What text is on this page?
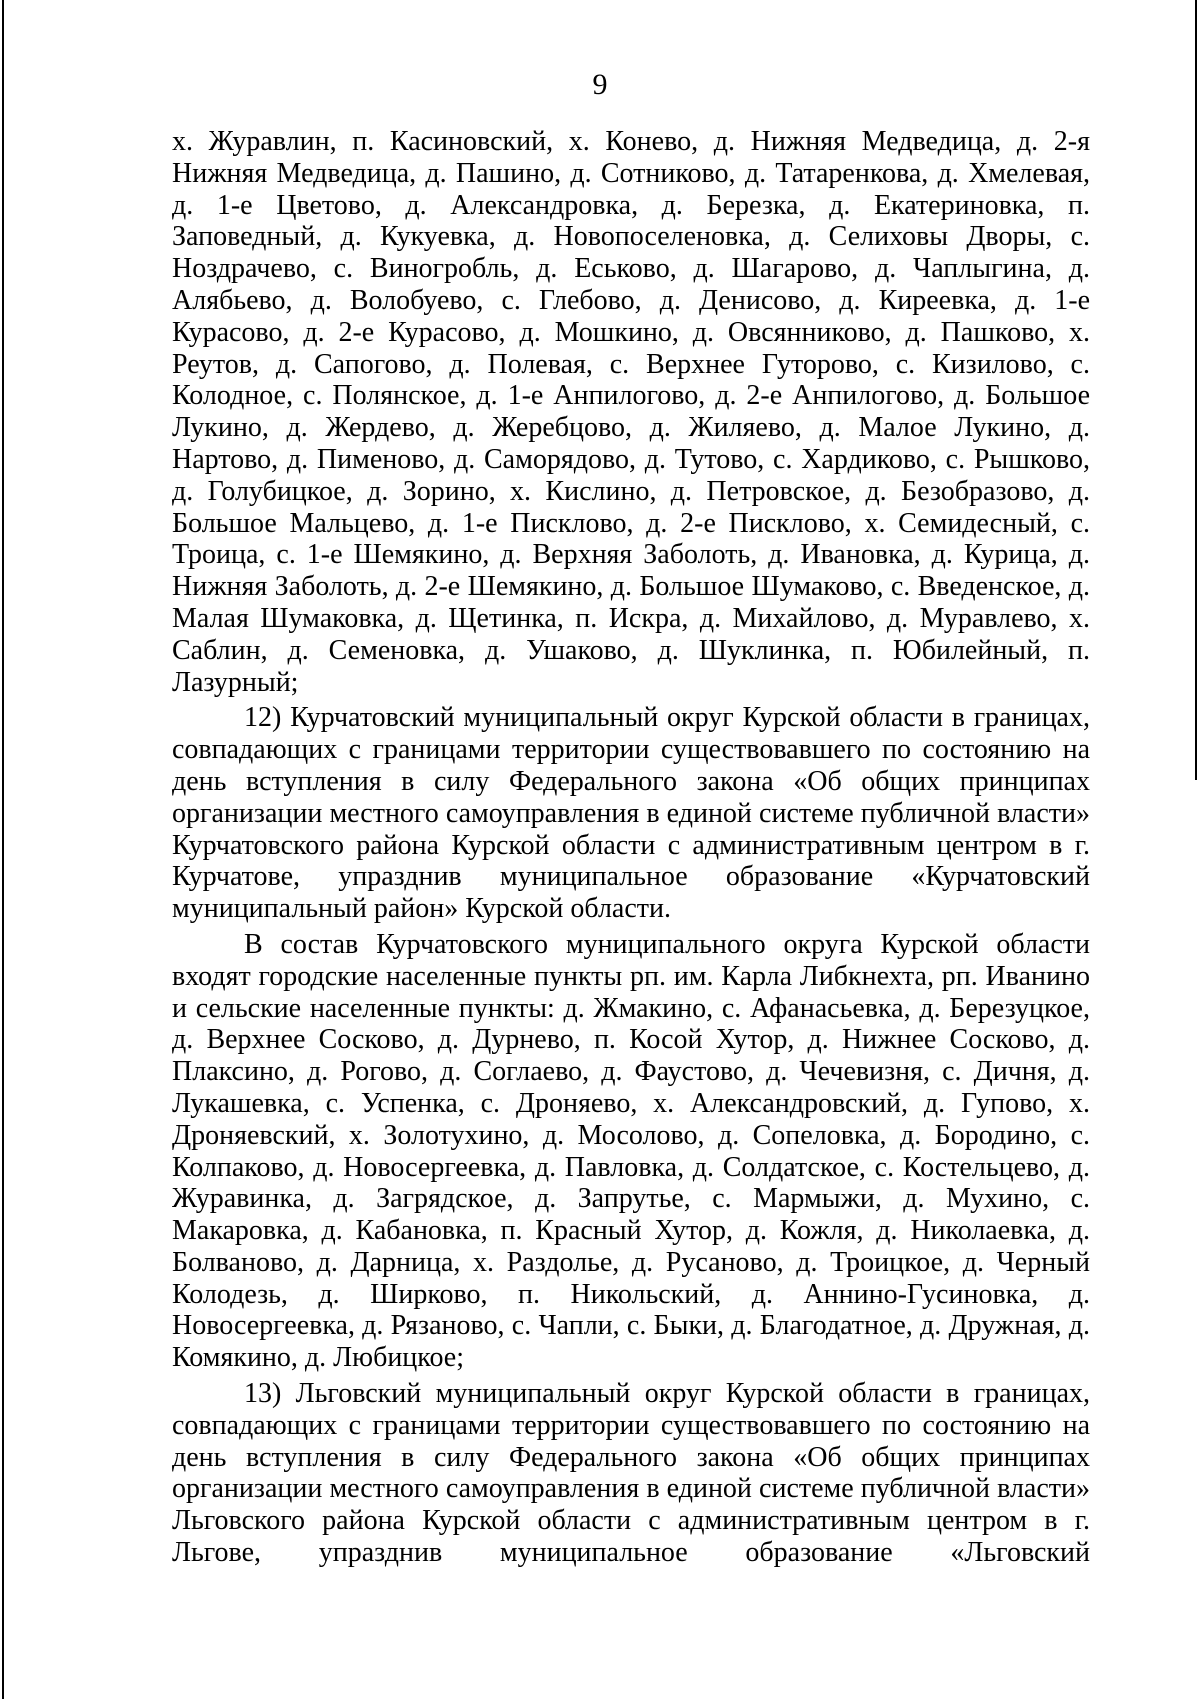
9

х. Журавлин, п. Касиновский, х. Конево, д. Нижняя Медведица, д. 2-я Нижняя Медведица, д. Пашино, д. Сотниково, д. Татаренкова, д. Хмелевая, д. 1-е Цветово, д. Александровка, д. Березка, д. Екатериновка, п. Заповедный, д. Кукуевка, д. Новопоселеновка, д. Селиховы Дворы, с. Ноздрачево, с. Виногробль, д. Еськово, д. Шагарово, д. Чаплыгина, д. Алябьево, д. Волобуево, с. Глебово, д. Денисово, д. Киреевка, д. 1-е Курасово, д. 2-е Курасово, д. Мошкино, д. Овсянниково, д. Пашково, х. Реутов, д. Сапогово, д. Полевая, с. Верхнее Гуторово, с. Кизилово, с. Колодное, с. Полянское, д. 1-е Анпилогово, д. 2-е Анпилогово, д. Большое Лукино, д. Жердево, д. Жеребцово, д. Жиляево, д. Малое Лукино, д. Нартово, д. Пименово, д. Саморядово, д. Тутово, с. Хардиково, с. Рышково, д. Голубицкое, д. Зорино, х. Кислино, д. Петровское, д. Безобразово, д. Большое Мальцево, д. 1-е Писклово, д. 2-е Писклово, х. Семидесный, с. Троица, с. 1-е Шемякино, д. Верхняя Заболоть, д. Ивановка, д. Курица, д. Нижняя Заболоть, д. 2-е Шемякино, д. Большое Шумаково, с. Введенское, д. Малая Шумаковка, д. Щетинка, п. Искра, д. Михайлово, д. Муравлево, х. Саблин, д. Семеновка, д. Ушаково, д. Шуклинка, п. Юбилейный, п. Лазурный;

12) Курчатовский муниципальный округ Курской области в границах, совпадающих с границами территории существовавшего по состоянию на день вступления в силу Федерального закона «Об общих принципах организации местного самоуправления в единой системе публичной власти» Курчатовского района Курской области с административным центром в г. Курчатове, упразднив муниципальное образование «Курчатовский муниципальный район» Курской области.

В состав Курчатовского муниципального округа Курской области входят городские населенные пункты рп. им. Карла Либкнехта, рп. Иванино и сельские населенные пункты: д. Жмакино, с. Афанасьевка, д. Березуцкое, д. Верхнее Сосково, д. Дурнево, п. Косой Хутор, д. Нижнее Сосково, д. Плаксино, д. Рогово, д. Соглаево, д. Фаустово, д. Чечевизня, с. Дичня, д. Лукашевка, с. Успенка, с. Дроняево, х. Александровский, д. Гупово, х. Дроняевский, х. Золотухино, д. Мосолово, д. Сопеловка, д. Бородино, с. Колпаково, д. Новосергеевка, д. Павловка, д. Солдатское, с. Костельцево, д. Журавинка, д. Загрядское, д. Запрутье, с. Мармыжи, д. Мухино, с. Макаровка, д. Кабановка, п. Красный Хутор, д. Кожля, д. Николаевка, д. Болваново, д. Дарница, х. Раздолье, д. Русаново, д. Троицкое, д. Черный Колодезь, д. Ширково, п. Никольский, д. Аннино-Гусиновка, д. Новосергеевка, д. Рязаново, с. Чапли, с. Быки, д. Благодатное, д. Дружная, д. Комякино, д. Любицкое;

13) Льговский муниципальный округ Курской области в границах, совпадающих с границами территории существовавшего по состоянию на день вступления в силу Федерального закона «Об общих принципах организации местного самоуправления в единой системе публичной власти» Льговского района Курской области с административным центром в г. Льгове, упразднив муниципальное образование «Льговский
